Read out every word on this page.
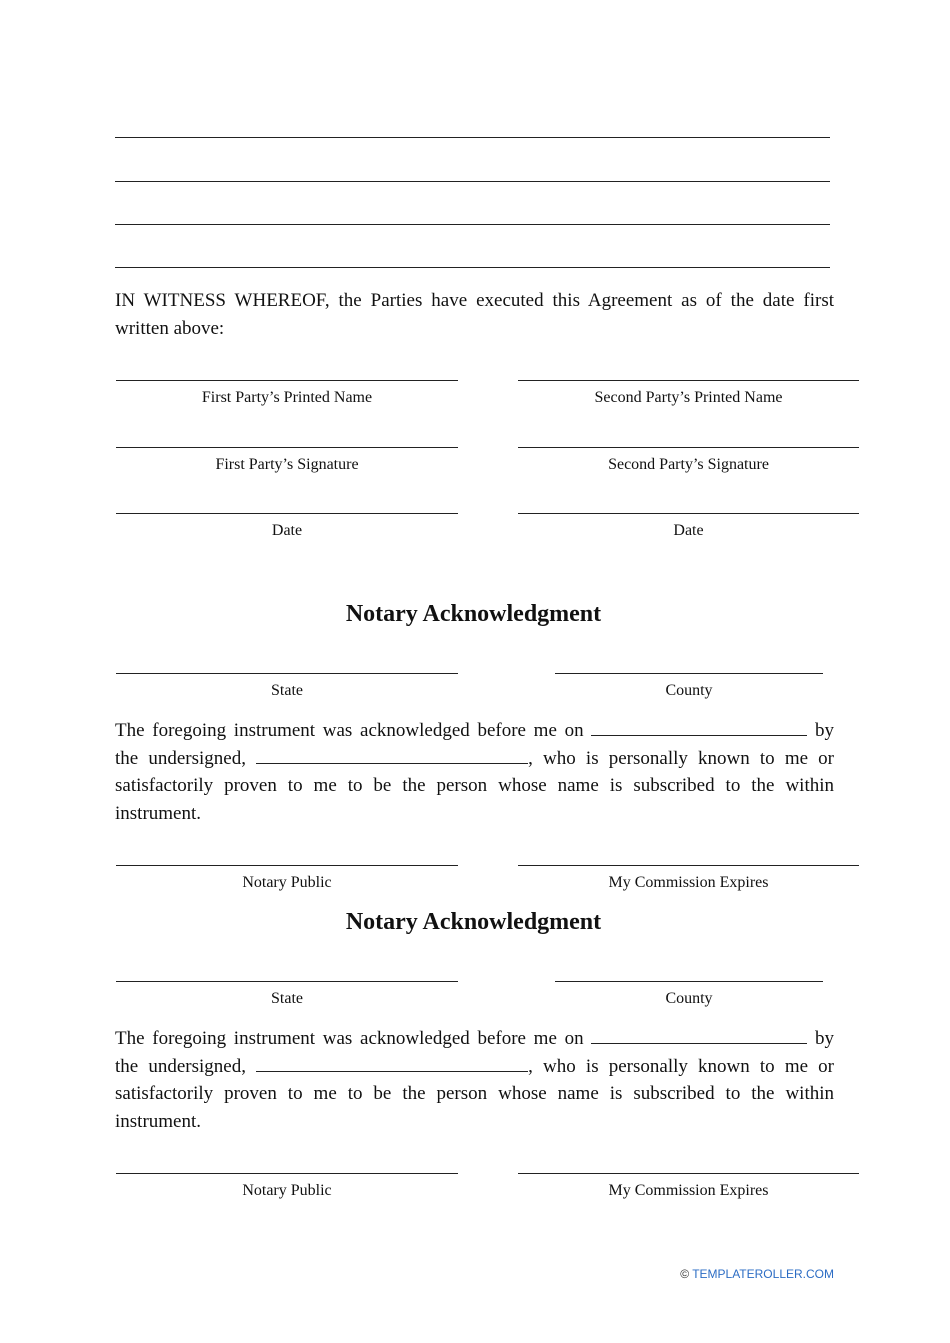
IN WITNESS WHEREOF, the Parties have executed this Agreement as of the date first written above:

First Party’s Printed Name	Second Party’s Printed Name
First Party’s Signature	Second Party’s Signature
Date	Date
Notary Acknowledgment
State	County

The foregoing instrument was acknowledged before me on	by the undersigned,	, who is personally known to me or satisfactorily proven to me to be the person whose name is subscribed to the within instrument.

Notary Public	My Commission Expires
Notary Acknowledgment
State	County

The foregoing instrument was acknowledged before me on	by the undersigned,	, who is personally known to me or satisfactorily proven to me to be the person whose name is subscribed to the within instrument.

Notary Public	My Commission Expires
© TEMPLATEROLLER.COM
